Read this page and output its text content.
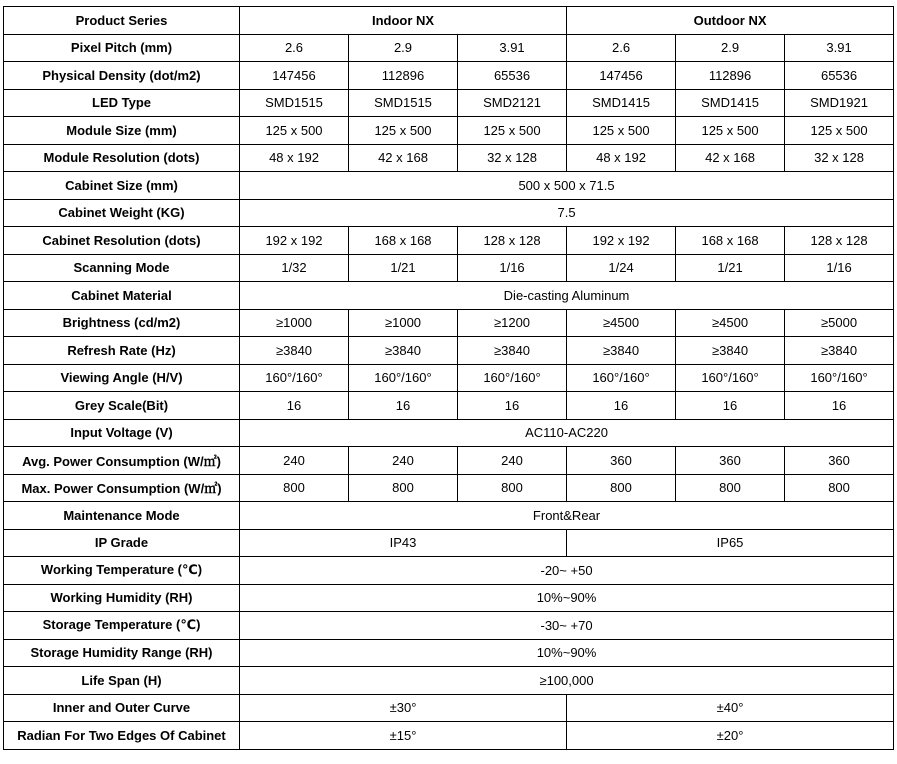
Product Series	Indoor NX			Outdoor NX		
Pixel Pitch (mm)	2.6	2.9	3.91	2.6	2.9	3.91
Physical Density (dot/m2)	147456	112896	65536	147456	112896	65536
LED Type	SMD1515	SMD1515	SMD2121	SMD1415	SMD1415	SMD1921
Module Size (mm)	125 x 500	125 x 500	125 x 500	125 x 500	125 x 500	125 x 500
Module Resolution (dots)	48 x 192	42 x 168	32 x 128	48 x 192	42 x 168	32 x 128
Cabinet Size (mm)	500 x 500 x 71.5					
Cabinet Weight (KG)	7.5					
Cabinet Resolution (dots)	192 x 192	168 x 168	128 x 128	192 x 192	168 x 168	128 x 128
Scanning Mode	1/32	1/21	1/16	1/24	1/21	1/16
Cabinet Material	Die-casting Aluminum					
Brightness (cd/m2)	≥1000	≥1000	≥1200	≥4500	≥4500	≥5000
Refresh Rate (Hz)	≥3840	≥3840	≥3840	≥3840	≥3840	≥3840
Viewing Angle (H/V)	160°/160°	160°/160°	160°/160°	160°/160°	160°/160°	160°/160°
Grey Scale(Bit)	16	16	16	16	16	16
Input Voltage (V)	AC110-AC220					
Avg. Power Consumption (W/㎡)	240	240	240	360	360	360
Max. Power Consumption (W/㎡)	800	800	800	800	800	800
Maintenance Mode	Front&Rear					
IP Grade	IP43			IP65		
Working Temperature (℃)	-20~ +50					
Working Humidity (RH)	10%~90%					
Storage Temperature (℃)	-30~ +70					
Storage Humidity Range (RH)	10%~90%					
Life Span (H)	≥100,000					
Inner and Outer Curve	±30°			±40°		
Radian For Two Edges Of Cabinet	±15°			±20°		
